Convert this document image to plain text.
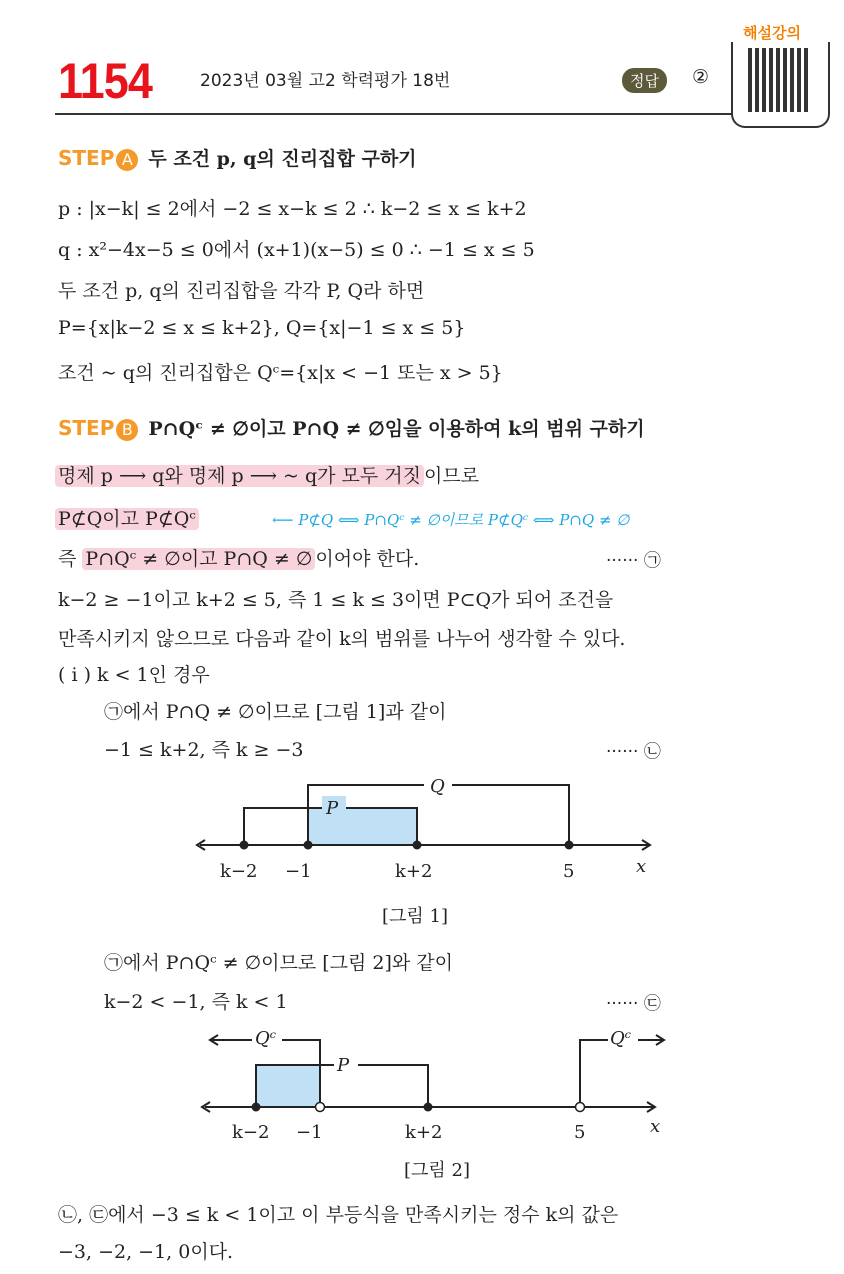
1154	2023년 03월 고2 학력평가 18번	정답	②
해설강의
STEP A 두 조건 p, q의 진리집합 구하기
p : |x−k| ≤ 2에서 −2 ≤ x−k ≤ 2 ∴ k−2 ≤ x ≤ k+2
q : x²−4x−5 ≤ 0에서 (x+1)(x−5) ≤ 0 ∴ −1 ≤ x ≤ 5
두 조건 p, q의 진리집합을 각각 P, Q라 하면
P={x|k−2 ≤ x ≤ k+2}, Q={x|−1 ≤ x ≤ 5}
조건 ~ q의 진리집합은 Qᶜ={x|x < −1 또는 x > 5}
STEP B P∩Qᶜ ≠ ∅이고 P∩Q ≠ ∅임을 이용하여 k의 범위 구하기
명제 p ⟶ q와 명제 p ⟶ ~ q가 모두 거짓 이므로
P⊄Q이고 P⊄Qᶜ	⟵ P⊄Q ⟺ P∩Qᶜ ≠ ∅이므로 P⊄Qᶜ ⟺ P∩Q ≠ ∅
즉 P∩Qᶜ ≠ ∅이고 P∩Q ≠ ∅ 이어야 한다.	······ ㉠
k−2 ≥ −1이고 k+2 ≤ 5, 즉 1 ≤ k ≤ 3이면 P⊂Q가 되어 조건을
만족시키지 않으므로 다음과 같이 k의 범위를 나누어 생각할 수 있다.
( i ) k < 1인 경우
㉠에서 P∩Q ≠ ∅이므로 [그림 1]과 같이
−1 ≤ k+2, 즉 k ≥ −3	······ ㉡
P
Q
k−2 −1	k+2	5	x
[그림 1]
㉠에서 P∩Qᶜ ≠ ∅이므로 [그림 2]와 같이
k−2 < −1, 즉 k < 1	······ ㉢
Qᶜ
P
Qᶜ
k−2 −1	k+2	5	x
[그림 2]
㉡, ㉢에서 −3 ≤ k < 1이고 이 부등식을 만족시키는 정수 k의 값은
−3, −2, −1, 0이다.
